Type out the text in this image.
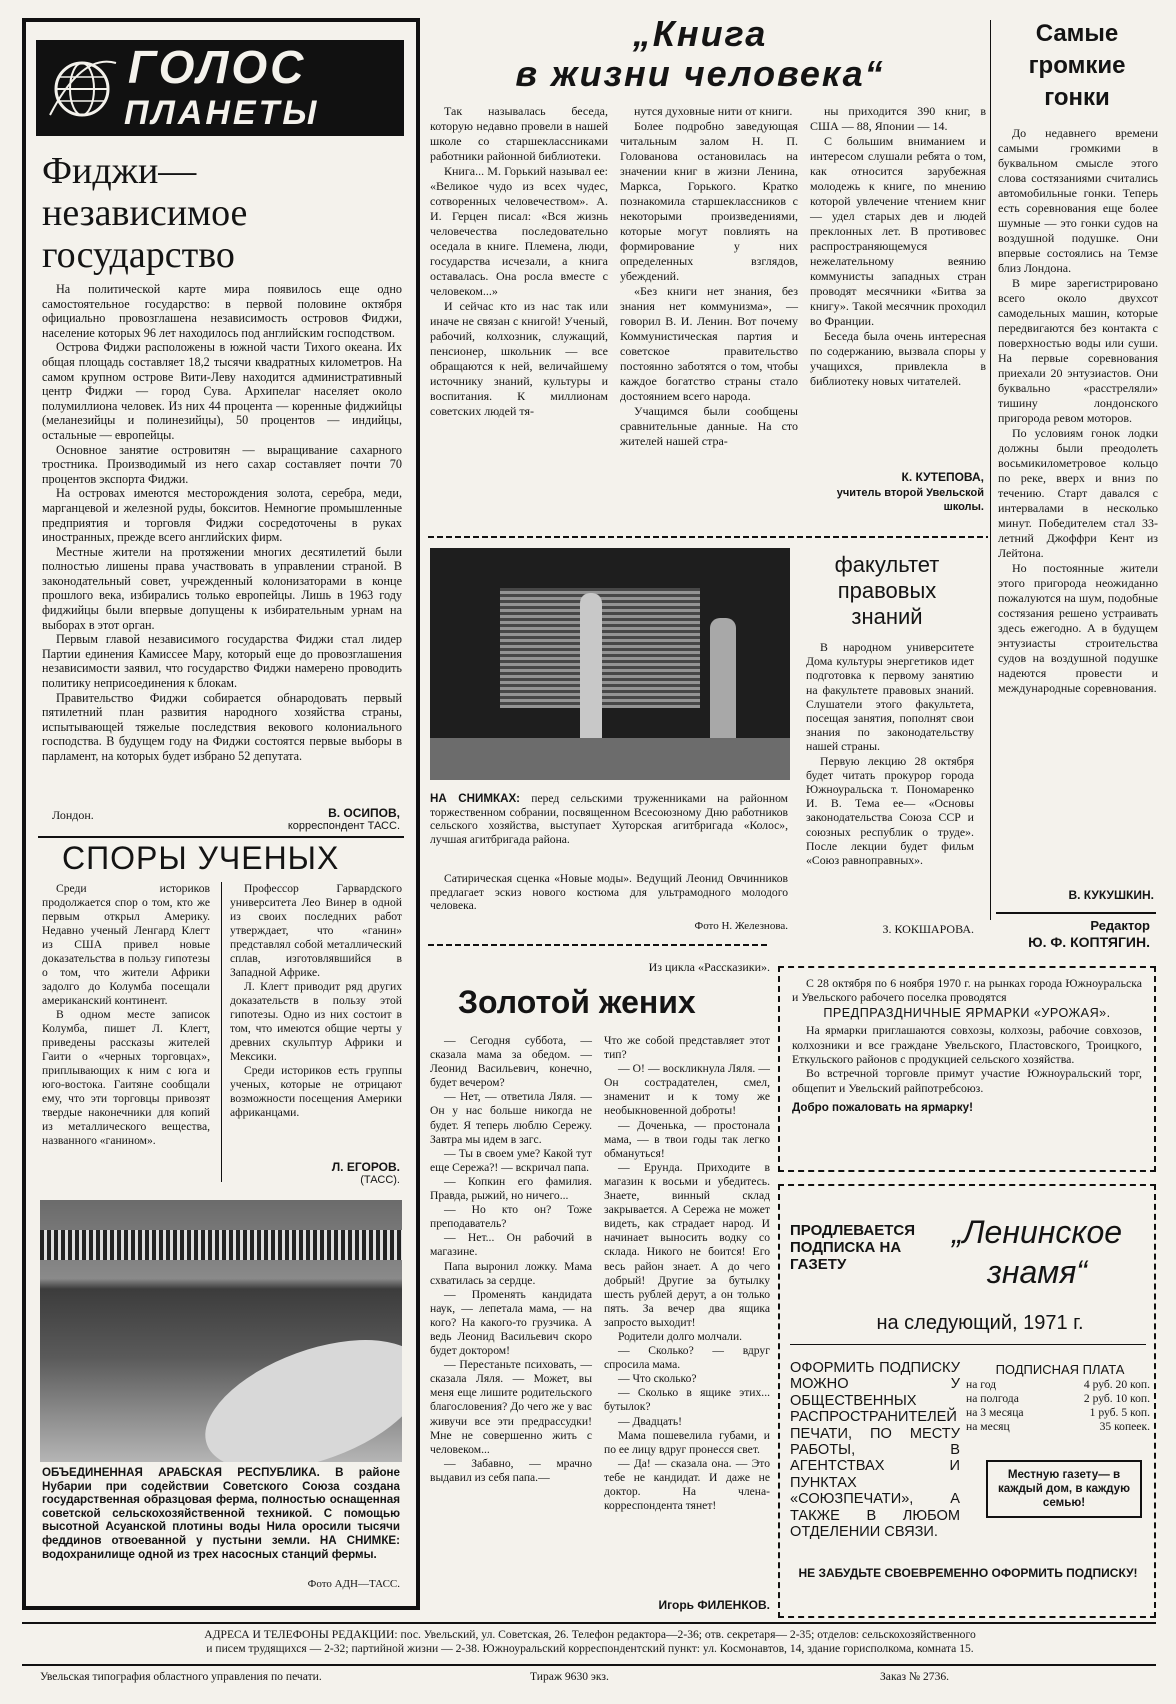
ГОЛОС
ПЛАНЕТЫ
Фиджи— независимое государство

На политической карте мира появилось еще одно самостоятельное государство: в первой половине октября официально провозглашена независимость островов Фиджи, население которых 96 лет находилось под английским господством.

Острова Фиджи расположены в южной части Тихого океана. Их общая площадь составляет 18,2 тысячи квадратных километров. На самом крупном острове Вити-Леву находится административный центр Фиджи — город Сува. Архипелаг населяет около полумиллиона человек. Из них 44 процента — коренные фиджийцы (меланезийцы и полинезийцы), 50 процентов — индийцы, остальные — европейцы.

Основное занятие островитян — выращивание сахарного тростника. Производимый из него сахар составляет почти 70 процентов экспорта Фиджи.

На островах имеются месторождения золота, серебра, меди, марганцевой и железной руды, бокситов. Немногие промышленные предприятия и торговля Фиджи сосредоточены в руках иностранных, прежде всего английских фирм.

Местные жители на протяжении многих десятилетий были полностью лишены права участвовать в управлении страной. В законодательный совет, учрежденный колонизаторами в конце прошлого века, избирались только европейцы. Лишь в 1963 году фиджийцы были впервые допущены к избирательным урнам на выборах в этот орган.

Первым главой независимого государства Фиджи стал лидер Партии единения Камиссее Мару, который еще до провозглашения независимости заявил, что государство Фиджи намерено проводить политику неприсоединения к блокам.

Правительство Фиджи собирается обнародовать первый пятилетний план развития народного хозяйства страны, испытывающей тяжелые последствия векового колониального господства. В будущем году на Фиджи состоятся первые выборы в парламент, на которых будет избрано 52 депутата.

Лондон.	В. ОСИПОВ,
корреспондент ТАСС.
СПОРЫ УЧЕНЫХ

Среди историков продолжается спор о том, кто же первым открыл Америку. Недавно ученый Ленгард Клегт из США привел новые доказательства в пользу гипотезы о том, что жители Африки задолго до Колумба посещали американский континент.

В одном месте записок Колумба, пишет Л. Клегт, приведены рассказы жителей Гаити о «черных торговцах», приплывающих к ним с юга и юго-востока. Гаитяне сообщали ему, что эти торговцы привозят твердые наконечники для копий из металлического вещества, названного «ганином».

Профессор Гарвардского университета Лео Винер в одной из своих последних работ утверждает, что «ганин» представлял собой металлический сплав, изготовлявшийся в Западной Африке.

Л. Клегт приводит ряд других доказательств в пользу этой гипотезы. Одно из них состоит в том, что имеются общие черты у древних скульптур Африки и Мексики.

Среди историков есть группы ученых, которые не отрицают возможности посещения Америки африканцами.

Л. ЕГОРОВ.
(ТАСС).
ОБЪЕДИНЕННАЯ АРАБСКАЯ РЕСПУБЛИКА. В районе Нубарии при содействии Советского Союза создана государственная образцовая ферма, полностью оснащенная советской сельскохозяйственной техникой. С помощью высотной Асуанской плотины воды Нила оросили тысячи феддинов отвоеванной у пустыни земли. НА СНИМКЕ: водохранилище одной из трех насосных станций фермы.
Фото АДН—ТАСС.
„Книга
в жизни человека“

Так называлась беседа, которую недавно провели в нашей школе со старшеклассниками работники районной библиотеки.

Книга... М. Горький называл ее: «Великое чудо из всех чудес, сотворенных человечеством». А. И. Герцен писал: «Вся жизнь человечества последовательно оседала в книге. Племена, люди, государства исчезали, а книга оставалась. Она росла вместе с человеком...»

И сейчас кто из нас так или иначе не связан с книгой! Ученый, рабочий, колхозник, служащий, пенсионер, школьник — все обращаются к ней, величайшему источнику знаний, культуры и воспитания. К миллионам советских людей тя-

нутся духовные нити от книги.

Более подробно заведующая читальным залом Н. П. Голованова остановилась на значении книг в жизни Ленина, Маркса, Горького. Кратко познакомила старшеклассников с некоторыми произведениями, которые могут повлиять на формирование у них определенных взглядов, убеждений.

«Без книги нет знания, без знания нет коммунизма», — говорил В. И. Ленин. Вот почему Коммунистическая партия и советское правительство постоянно заботятся о том, чтобы каждое богатство страны стало достоянием всего народа.

Учащимся были сообщены сравнительные данные. На сто жителей нашей стра-

ны приходится 390 книг, в США — 88, Японии — 14.

С большим вниманием и интересом слушали ребята о том, как относится зарубежная молодежь к книге, по мнению которой увлечение чтением книг — удел старых дев и людей преклонных лет. В противовес распространяющемуся нежелательному веянию коммунисты западных стран проводят месячники «Битва за книгу». Такой месячник проходил во Франции.

Беседа была очень интересная по содержанию, вызвала споры у учащихся, привлекла в библиотеку новых читателей.

К. КУТЕПОВА,
учитель второй Увельской школы.
Самые громкие гонки

До недавнего времени самыми громкими в буквальном смысле этого слова состязаниями считались автомобильные гонки. Теперь есть соревнования еще более шумные — это гонки судов на воздушной подушке. Они впервые состоялись на Темзе близ Лондона.

В мире зарегистрировано всего около двухсот самодельных машин, которые передвигаются без контакта с поверхностью воды или суши. На первые соревнования приехали 20 энтузиастов. Они буквально «расстреляли» тишину лондонского пригорода ревом моторов.

По условиям гонок лодки должны были преодолеть восьмикилометровое кольцо по реке, вверх и вниз по течению. Старт давался с интервалами в несколько минут. Победителем стал 33-летний Джоффри Кент из Лейтона.

Но постоянные жители этого пригорода неожиданно пожалуются на шум, подобные состязания решено устраивать здесь ежегодно. А в будущем энтузиасты строительства судов на воздушной подушке надеются провести и международные соревнования.

В. КУКУШКИН.
Редактор
Ю. Ф. КОПТЯГИН.
НА СНИМКАХ: перед сельскими труженниками на районном торжественном собрании, посвященном Всесоюзному Дню работников сельского хозяйства, выступает Хуторская агитбригада «Колос», лучшая агитбригада района.
Сатирическая сценка «Новые моды». Ведущий Леонид Овчинников предлагает эскиз нового костюма для ультрамодного молодого человека.
Фото Н. Железнова.
факультет правовых знаний

В народном университете Дома культуры энергетиков идет подготовка к первому занятию на факультете правовых знаний. Слушатели этого факультета, посещая занятия, пополнят свои знания по законодательству нашей страны.

Первую лекцию 28 октября будет читать прокурор города Южноуральска т. Пономаренко И. В. Тема ее— «Основы законодательства Союза ССР и союзных республик о труде». После лекции будет фильм «Союз равноправных».

З. КОКШАРОВА.
Из цикла «Рассказики».
Золотой жених

— Сегодня суббота, — сказала мама за обедом. — Леонид Васильевич, конечно, будет вечером?

— Нет, — ответила Ляля. — Он у нас больше никогда не будет. Я теперь люблю Сережу. Завтра мы идем в загс.

— Ты в своем уме? Какой тут еще Сережа?! — вскричал папа.

— Копкин его фамилия. Правда, рыжий, но ничего...

— Но кто он? Тоже преподаватель?

— Нет... Он рабочий в магазине.

Папа выронил ложку. Мама схватилась за сердце.

— Променять кандидата наук, — лепетала мама, — на кого? На какого-то грузчика. А ведь Леонид Васильевич скоро будет доктором!

— Перестаньте психовать, — сказала Ляля. — Может, вы меня еще лишите родительского благословения? До чего же у вас живучи все эти предрассудки! Мне не совершенно жить с человеком...

— Забавно, — мрачно выдавил из себя папа.—

Что же собой представляет этот тип?

— О! — воскликнула Ляля. — Он сострадателен, смел, знаменит и к тому же необыкновенной доброты!

— Доченька, — простонала мама, — в твои годы так легко обмануться!

— Ерунда. Приходите в магазин к восьми и убедитесь. Знаете, винный склад закрывается. А Сережа не может видеть, как страдает народ. И начинает выносить водку со склада. Никого не боится! Его весь район знает. А до чего добрый! Другие за бутылку шесть рублей дерут, а он только пять. За вечер два ящика запросто выходит!

Родители долго молчали.

— Сколько? — вдруг спросила мама.

— Что сколько?

— Сколько в ящике этих... бутылок?

— Двадцать!

Мама пошевелила губами, и по ее лицу вдруг пронесся свет.

— Да! — сказала она. — Это тебе не кандидат. И даже не доктор. На члена-корреспондента тянет!

Игорь ФИЛЕНКОВ.
С 28 октября по 6 ноября 1970 г. на рынках города Южноуральска и Увельского рабочего поселка проводятся
ПРЕДПРАЗДНИЧНЫЕ ЯРМАРКИ «УРОЖАЯ».
На ярмарки приглашаются совхозы, колхозы, рабочие совхозов, колхозники и все граждане Увельского, Пластовского, Троицкого, Еткульского районов с продукцией сельского хозяйства.
Во встречной торговле примут участие Южноуральский торг, общепит и Увельский райпотребсоюз.
Добро пожаловать на ярмарку!
ПРОДЛЕВАЕТСЯ ПОДПИСКА НА ГАЗЕТУ
„Ленинское
знамя“
на следующий, 1971 г.
ОФОРМИТЬ ПОДПИСКУ МОЖНО У ОБЩЕСТВЕННЫХ РАСПРОСТРАНИТЕЛЕЙ ПЕЧАТИ, ПО МЕСТУ РАБОТЫ, В АГЕНТСТВАХ И ПУНКТАХ «СОЮЗПЕЧАТИ», А ТАКЖЕ В ЛЮБОМ ОТДЕЛЕНИИ СВЯЗИ.
ПОДПИСНАЯ ПЛАТА
на год	4 руб. 20 коп.
на полгода	2 руб. 10 коп.
на 3 месяца	1 руб. 5 коп.
на месяц	35 копеек.
Местную газету— в каждый дом, в каждую семью!
НЕ ЗАБУДЬТЕ СВОЕВРЕМЕННО ОФОРМИТЬ ПОДПИСКУ!
АДРЕСА И ТЕЛЕФОНЫ РЕДАКЦИИ: пос. Увельский, ул. Советская, 26. Телефон редактора—2-36; отв. секретаря— 2-35; отделов: сельскохозяйственного
и писем трудящихся — 2-32; партийной жизни — 2-38. Южноуральский корреспондентский пункт: ул. Космонавтов, 14, здание горисполкома, комната 15.
Увельская типография областного управления по печати.	Тираж 9630 экз.	Заказ № 2736.
